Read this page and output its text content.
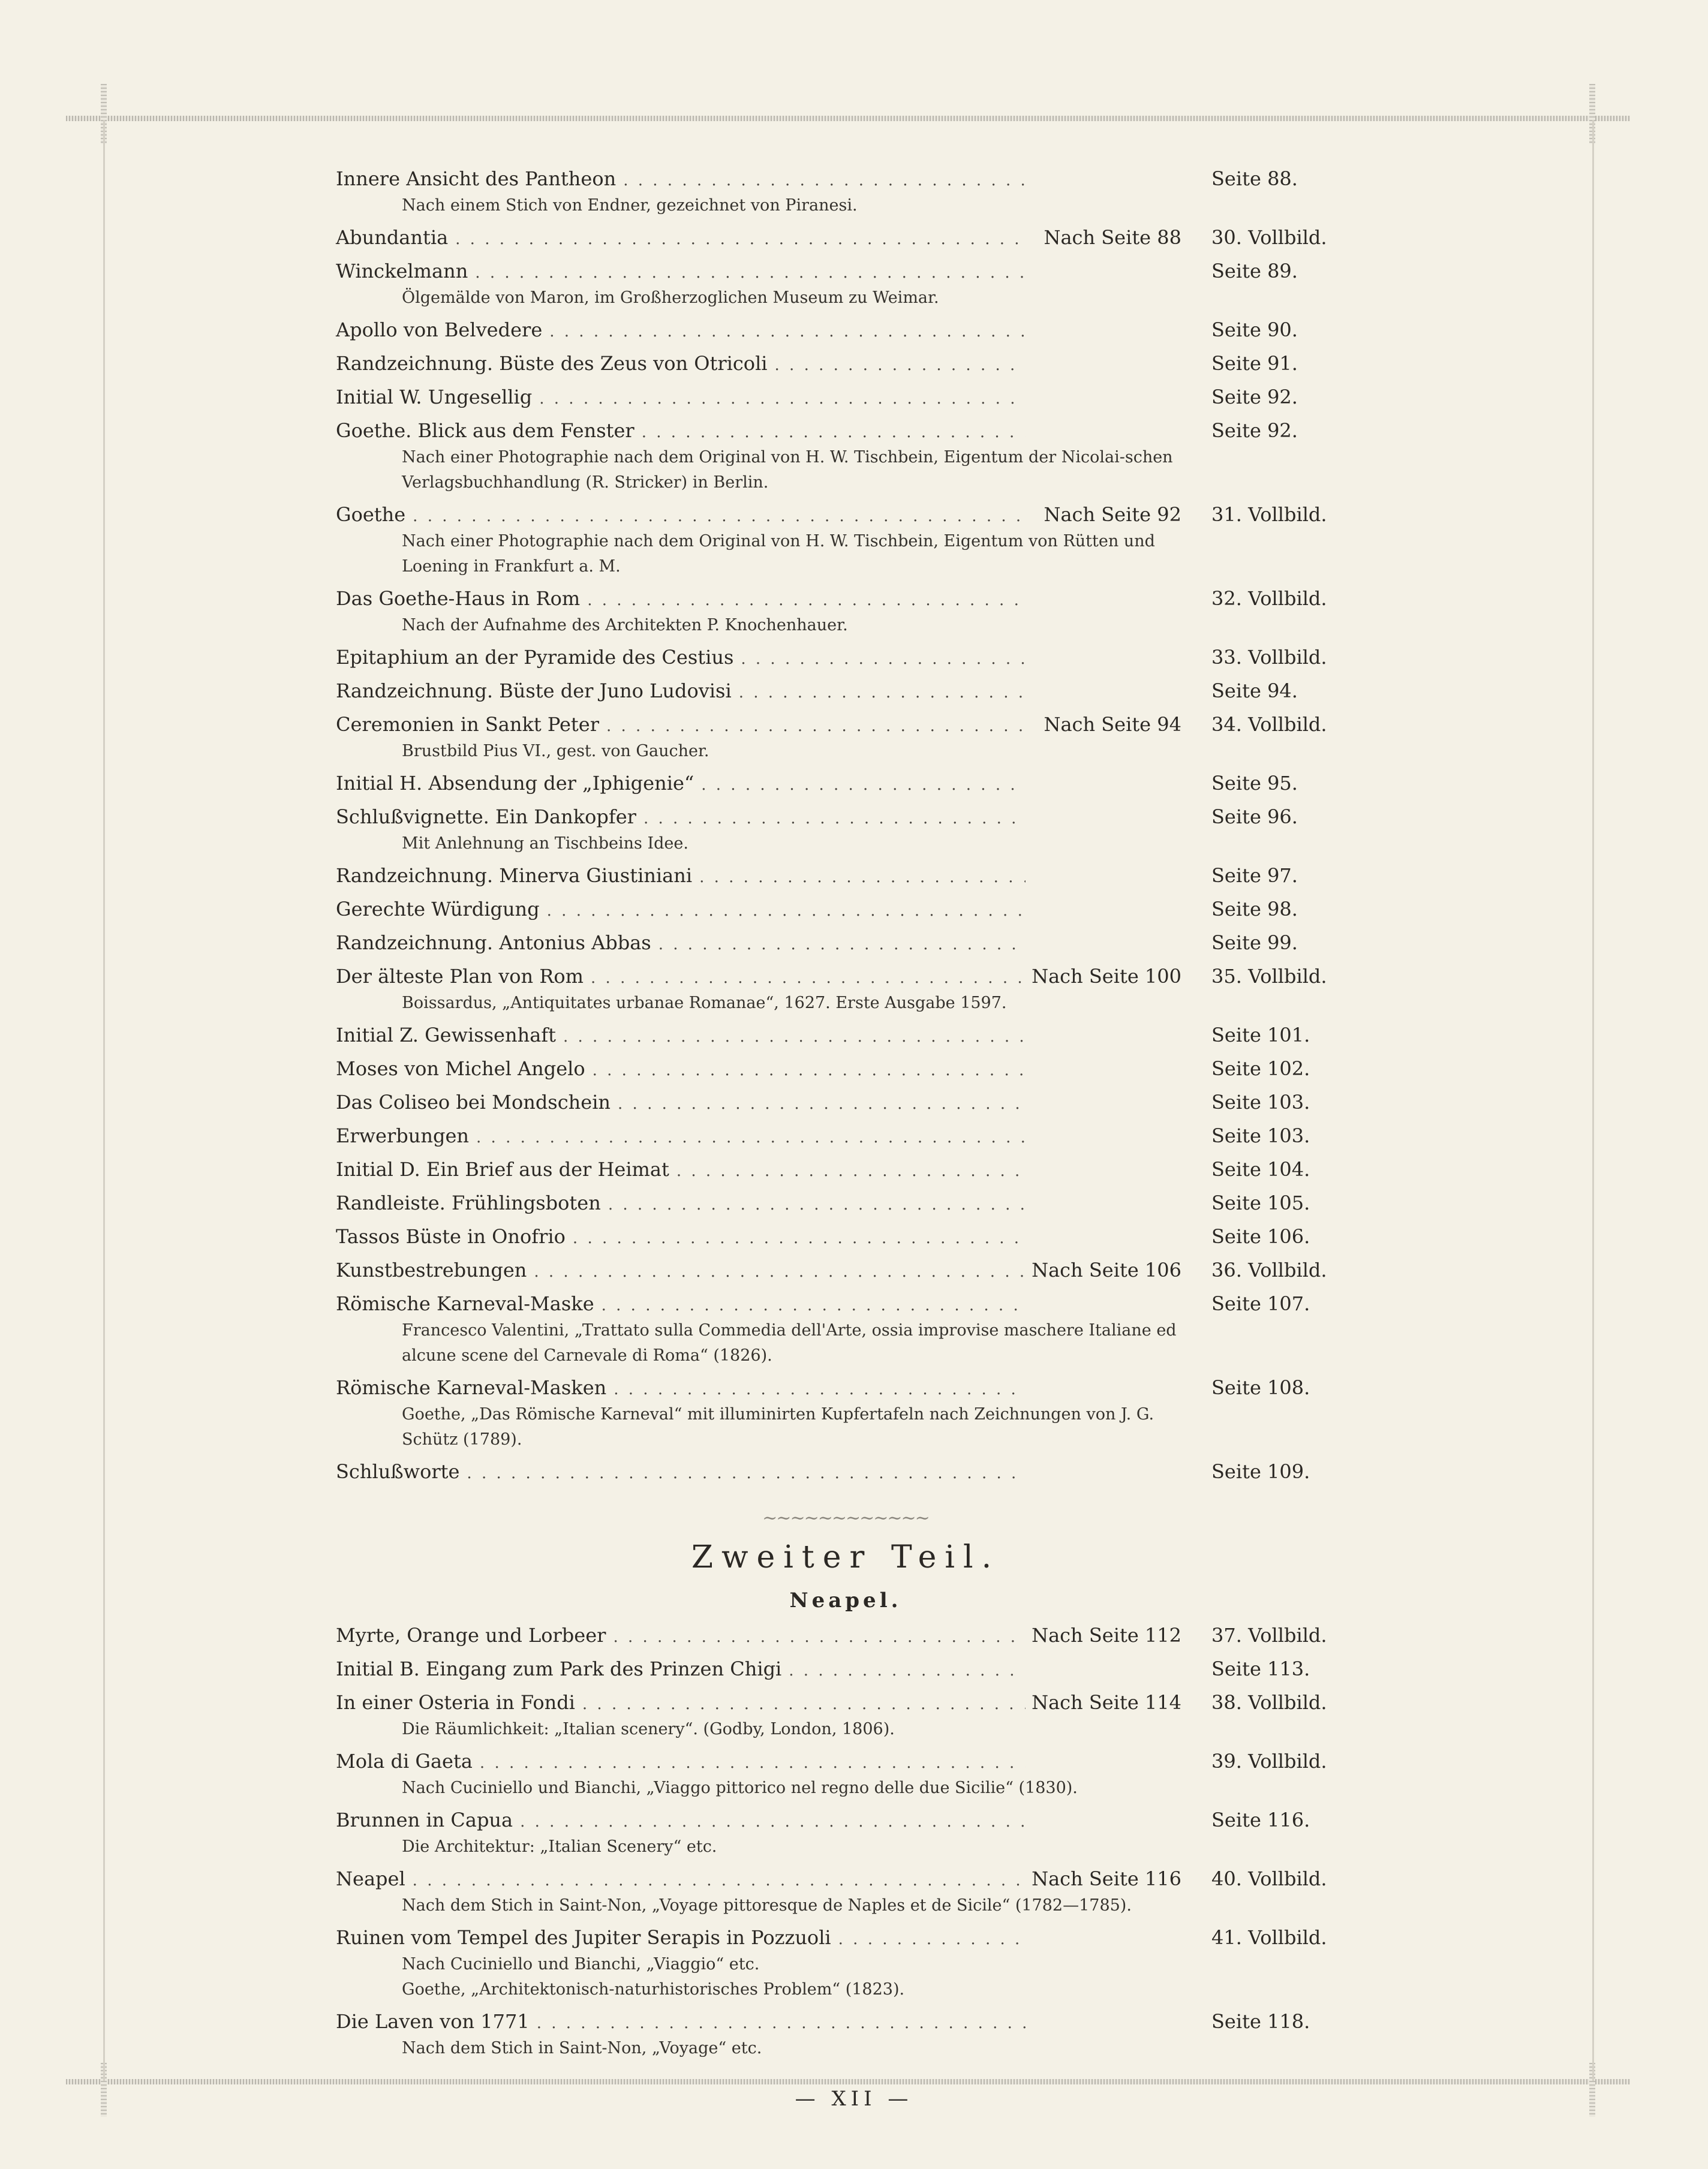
Innere Ansicht des Pantheon . . .	Seite 88.
Nach einem Stich von Endner, gezeichnet von Piranesi.
Abundantia . . .	Nach Seite 88	30. Vollbild.
Winckelmann . . .	Seite 89.
Ölgemälde von Maron, im Großherzoglichen Museum zu Weimar.
Apollo von Belvedere . . .	Seite 90.
Randzeichnung. Büste des Zeus von Otricoli . . .	Seite 91.
Initial W. Ungesellig . . .	Seite 92.
Goethe. Blick aus dem Fenster . . .	Seite 92.
Nach einer Photographie nach dem Original von H. W. Tischbein, Eigentum der Nicolai-schen Verlagsbuchhandlung (R. Stricker) in Berlin.
Goethe . . .	Nach Seite 92	31. Vollbild.
Nach einer Photographie nach dem Original von H. W. Tischbein, Eigentum von Rütten und Loening in Frankfurt a. M.
Das Goethe-Haus in Rom . . .	32. Vollbild.
Nach der Aufnahme des Architekten P. Knochenhauer.
Epitaphium an der Pyramide des Cestius . . .	33. Vollbild.
Randzeichnung. Büste der Juno Ludovisi . . .	Seite 94.
Ceremonien in Sankt Peter . . .	Nach Seite 94	34. Vollbild.
Brustbild Pius VI., gest. von Gaucher.
Initial H. Absendung der „Iphigenie“ . . .	Seite 95.
Schlußvignette. Ein Dankopfer . . .	Seite 96.
Mit Anlehnung an Tischbeins Idee.
Randzeichnung. Minerva Giustiniani . . .	Seite 97.
Gerechte Würdigung . . .	Seite 98.
Randzeichnung. Antonius Abbas . . .	Seite 99.
Der älteste Plan von Rom . . .	Nach Seite 100	35. Vollbild.
Boissardus, „Antiquitates urbanae Romanae“, 1627. Erste Ausgabe 1597.
Initial Z. Gewissenhaft . . .	Seite 101.
Moses von Michel Angelo . . .	Seite 102.
Das Coliseo bei Mondschein . . .	Seite 103.
Erwerbungen . . .	Seite 103.
Initial D. Ein Brief aus der Heimat . . .	Seite 104.
Randleiste. Frühlingsboten . . .	Seite 105.
Tassos Büste in Onofrio . . .	Seite 106.
Kunstbestrebungen . . .	Nach Seite 106	36. Vollbild.
Römische Karneval-Maske . . .	Seite 107.
Francesco Valentini, „Trattato sulla Commedia dell'Arte, ossia improvise maschere Italiane ed alcune scene del Carnevale di Roma“ (1826).
Römische Karneval-Masken . . .	Seite 108.
Goethe, „Das Römische Karneval“ mit illuminirten Kupfertafeln nach Zeichnungen von J. G. Schütz (1789).
Schlußworte . . .	Seite 109.
~~~~~~~~~~~~
Zweiter Teil.
Neapel.
Myrte, Orange und Lorbeer . . .	Nach Seite 112	37. Vollbild.
Initial B. Eingang zum Park des Prinzen Chigi . . .	Seite 113.
In einer Osteria in Fondi . . .	Nach Seite 114	38. Vollbild.
Die Räumlichkeit: „Italian scenery“. (Godby, London, 1806).
Mola di Gaeta . . .	39. Vollbild.
Nach Cuciniello und Bianchi, „Viaggo pittorico nel regno delle due Sicilie“ (1830).
Brunnen in Capua . . .	Seite 116.
Die Architektur: „Italian Scenery“ etc.
Neapel . . .	Nach Seite 116	40. Vollbild.
Nach dem Stich in Saint-Non, „Voyage pittoresque de Naples et de Sicile“ (1782—1785).
Ruinen vom Tempel des Jupiter Serapis in Pozzuoli . . .	41. Vollbild.
Nach Cuciniello und Bianchi, „Viaggio“ etc.
Goethe, „Architektonisch-naturhistorisches Problem“ (1823).
Die Laven von 1771 . . .	Seite 118.
Nach dem Stich in Saint-Non, „Voyage“ etc.
— XII —
